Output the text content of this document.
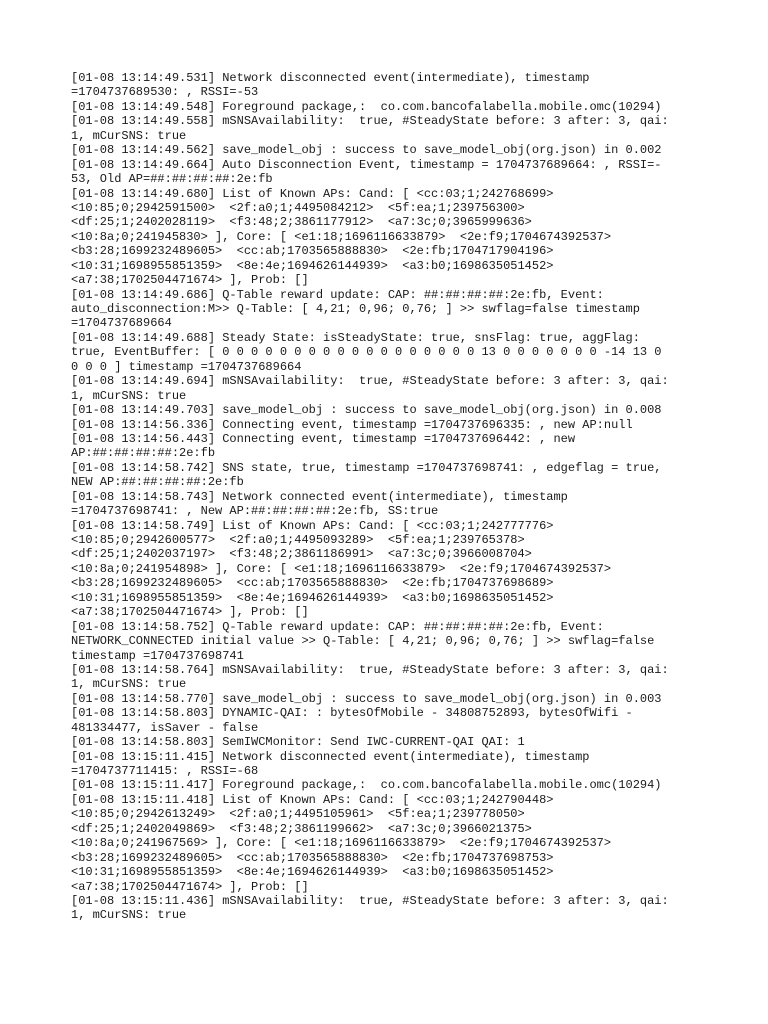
[01-08 13:14:49.531] Network disconnected event(intermediate), timestamp
=1704737689530: , RSSI=-53
[01-08 13:14:49.548] Foreground package,:  co.com.bancofalabella.mobile.omc(10294)
[01-08 13:14:49.558] mSNSAvailability:  true, #SteadyState before: 3 after: 3, qai:
1, mCurSNS: true
[01-08 13:14:49.562] save_model_obj : success to save_model_obj(org.json) in 0.002
[01-08 13:14:49.664] Auto Disconnection Event, timestamp = 1704737689664: , RSSI=-
53, Old AP=##:##:##:##:2e:fb
[01-08 13:14:49.680] List of Known APs: Cand: [ <cc:03;1;242768699>
<10:85;0;2942591500>  <2f:a0;1;4495084212>  <5f:ea;1;239756300>
<df:25;1;2402028119>  <f3:48;2;3861177912>  <a7:3c;0;3965999636>
<10:8a;0;241945830> ], Core: [ <e1:18;1696116633879>  <2e:f9;1704674392537>
<b3:28;1699232489605>  <cc:ab;1703565888830>  <2e:fb;1704717904196>
<10:31;1698955851359>  <8e:4e;1694626144939>  <a3:b0;1698635051452>
<a7:38;1702504471674> ], Prob: []
[01-08 13:14:49.686] Q-Table reward update: CAP: ##:##:##:##:2e:fb, Event:
auto_disconnection:M>> Q-Table: [ 4,21; 0,96; 0,76; ] >> swflag=false timestamp
=1704737689664
[01-08 13:14:49.688] Steady State: isSteadyState: true, snsFlag: true, aggFlag:
true, EventBuffer: [ 0 0 0 0 0 0 0 0 0 0 0 0 0 0 0 0 0 0 13 0 0 0 0 0 0 0 -14 13 0
0 0 0 ] timestamp =1704737689664
[01-08 13:14:49.694] mSNSAvailability:  true, #SteadyState before: 3 after: 3, qai:
1, mCurSNS: true
[01-08 13:14:49.703] save_model_obj : success to save_model_obj(org.json) in 0.008
[01-08 13:14:56.336] Connecting event, timestamp =1704737696335: , new AP:null
[01-08 13:14:56.443] Connecting event, timestamp =1704737696442: , new
AP:##:##:##:##:2e:fb
[01-08 13:14:58.742] SNS state, true, timestamp =1704737698741: , edgeflag = true,
NEW AP:##:##:##:##:2e:fb
[01-08 13:14:58.743] Network connected event(intermediate), timestamp
=1704737698741: , New AP:##:##:##:##:2e:fb, SS:true
[01-08 13:14:58.749] List of Known APs: Cand: [ <cc:03;1;242777776>
<10:85;0;2942600577>  <2f:a0;1;4495093289>  <5f:ea;1;239765378>
<df:25;1;2402037197>  <f3:48;2;3861186991>  <a7:3c;0;3966008704>
<10:8a;0;241954898> ], Core: [ <e1:18;1696116633879>  <2e:f9;1704674392537>
<b3:28;1699232489605>  <cc:ab;1703565888830>  <2e:fb;1704737698689>
<10:31;1698955851359>  <8e:4e;1694626144939>  <a3:b0;1698635051452>
<a7:38;1702504471674> ], Prob: []
[01-08 13:14:58.752] Q-Table reward update: CAP: ##:##:##:##:2e:fb, Event:
NETWORK_CONNECTED initial value >> Q-Table: [ 4,21; 0,96; 0,76; ] >> swflag=false
timestamp =1704737698741
[01-08 13:14:58.764] mSNSAvailability:  true, #SteadyState before: 3 after: 3, qai:
1, mCurSNS: true
[01-08 13:14:58.770] save_model_obj : success to save_model_obj(org.json) in 0.003
[01-08 13:14:58.803] DYNAMIC-QAI: : bytesOfMobile - 34808752893, bytesOfWifi -
481334477, isSaver - false
[01-08 13:14:58.803] SemIWCMonitor: Send IWC-CURRENT-QAI QAI: 1
[01-08 13:15:11.415] Network disconnected event(intermediate), timestamp
=1704737711415: , RSSI=-68
[01-08 13:15:11.417] Foreground package,:  co.com.bancofalabella.mobile.omc(10294)
[01-08 13:15:11.418] List of Known APs: Cand: [ <cc:03;1;242790448>
<10:85;0;2942613249>  <2f:a0;1;4495105961>  <5f:ea;1;239778050>
<df:25;1;2402049869>  <f3:48;2;3861199662>  <a7:3c;0;3966021375>
<10:8a;0;241967569> ], Core: [ <e1:18;1696116633879>  <2e:f9;1704674392537>
<b3:28;1699232489605>  <cc:ab;1703565888830>  <2e:fb;1704737698753>
<10:31;1698955851359>  <8e:4e;1694626144939>  <a3:b0;1698635051452>
<a7:38;1702504471674> ], Prob: []
[01-08 13:15:11.436] mSNSAvailability:  true, #SteadyState before: 3 after: 3, qai:
1, mCurSNS: true
